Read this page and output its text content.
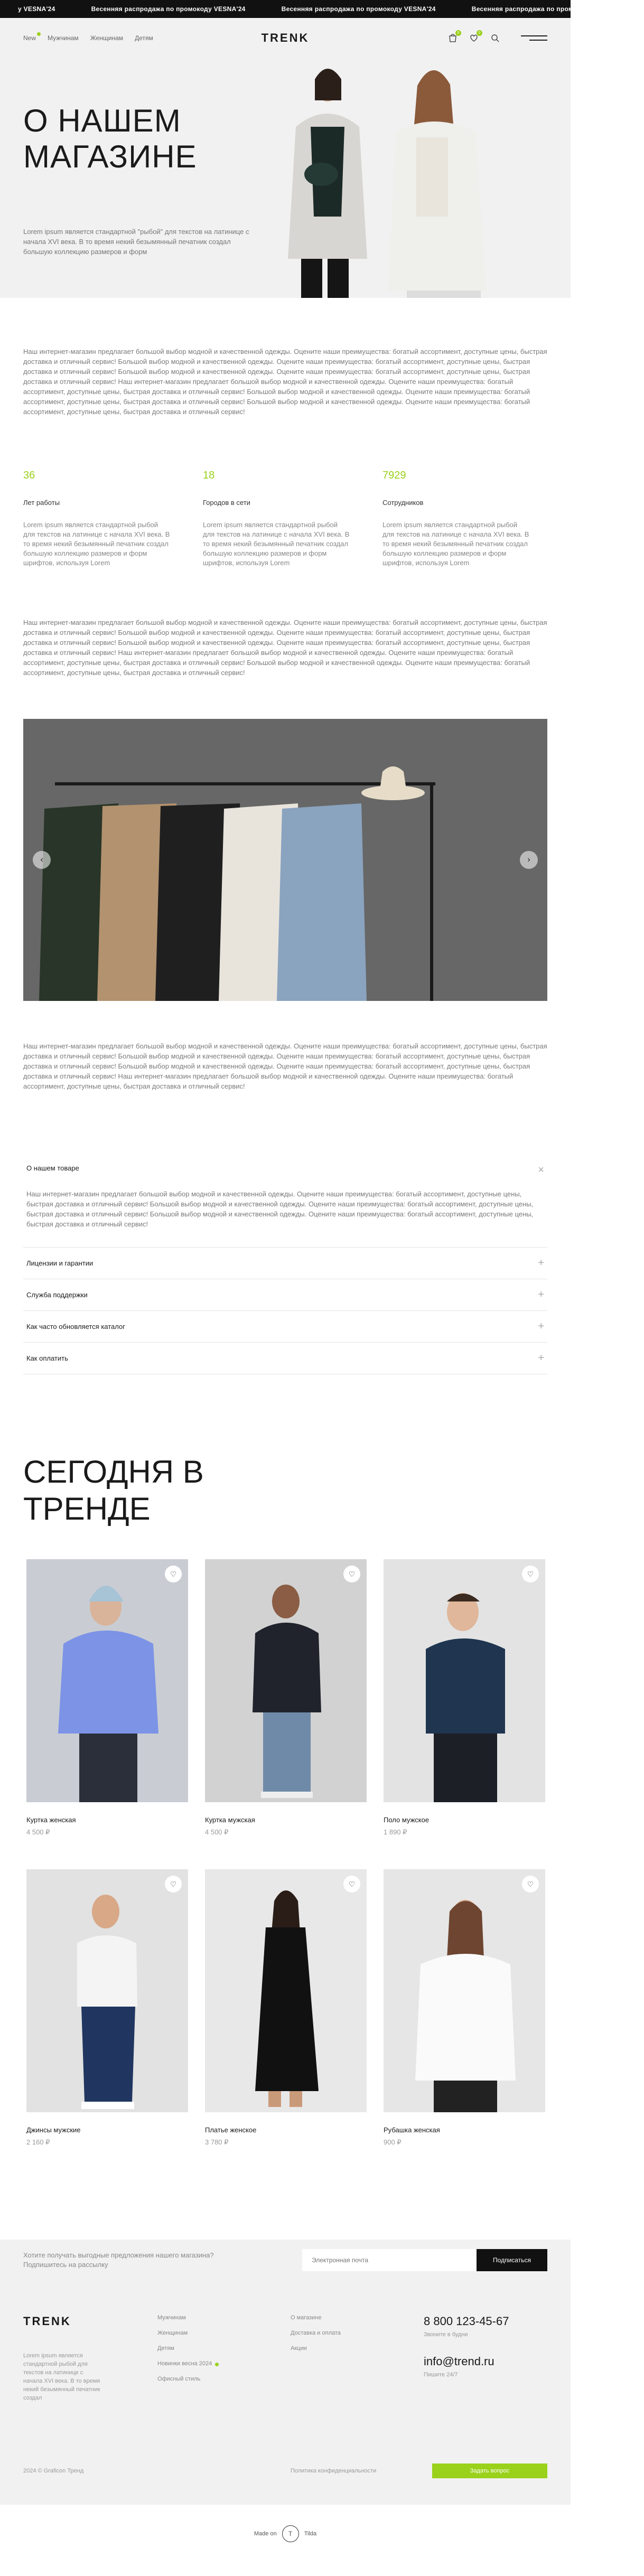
у VESNA'24	Весенняя распродажа по промокоду VESNA'24	Весенняя распродажа по промокоду VESNA'24	Весенняя распродажа по промокоду VESNA'24
New Мужчинам Женщинам Детям	TRENK	0	0
О НАШЕМ МАГАЗИНЕ

Lorem ipsum является стандартной "рыбой" для текстов на латинице с начала XVI века. В то время некий безымянный печатник создал большую коллекцию размеров и форм

Наш интернет-магазин предлагает большой выбор модной и качественной одежды. Оцените наши преимущества: богатый ассортимент, доступные цены, быстрая доставка и отличный сервис! Большой выбор модной и качественной одежды. Оцените наши преимущества: богатый ассортимент, доступные цены, быстрая доставка и отличный сервис! Большой выбор модной и качественной одежды. Оцените наши преимущества: богатый ассортимент, доступные цены, быстрая доставка и отличный сервис! Наш интернет-магазин предлагает большой выбор модной и качественной одежды. Оцените наши преимущества: богатый ассортимент, доступные цены, быстрая доставка и отличный сервис! Большой выбор модной и качественной одежды. Оцените наши преимущества: богатый ассортимент, доступные цены, быстрая доставка и отличный сервис! Большой выбор модной и качественной одежды. Оцените наши преимущества: богатый ассортимент, доступные цены, быстрая доставка и отличный сервис!

36
Лет работы
Lorem ipsum является стандартной рыбой для текстов на латинице с начала XVI века. В то время некий безымянный печатник создал большую коллекцию размеров и форм шрифтов, используя Lorem
18
Городов в сети
Lorem ipsum является стандартной рыбой для текстов на латинице с начала XVI века. В то время некий безымянный печатник создал большую коллекцию размеров и форм шрифтов, используя Lorem
7929
Сотрудников
Lorem ipsum является стандартной рыбой для текстов на латинице с начала XVI века. В то время некий безымянный печатник создал большую коллекцию размеров и форм шрифтов, используя Lorem

Наш интернет-магазин предлагает большой выбор модной и качественной одежды. Оцените наши преимущества: богатый ассортимент, доступные цены, быстрая доставка и отличный сервис! Большой выбор модной и качественной одежды. Оцените наши преимущества: богатый ассортимент, доступные цены, быстрая доставка и отличный сервис! Большой выбор модной и качественной одежды. Оцените наши преимущества: богатый ассортимент, доступные цены, быстрая доставка и отличный сервис! Наш интернет-магазин предлагает большой выбор модной и качественной одежды. Оцените наши преимущества: богатый ассортимент, доступные цены, быстрая доставка и отличный сервис! Большой выбор модной и качественной одежды. Оцените наши преимущества: богатый ассортимент, доступные цены, быстрая доставка и отличный сервис!

‹	›

Наш интернет-магазин предлагает большой выбор модной и качественной одежды. Оцените наши преимущества: богатый ассортимент, доступные цены, быстрая доставка и отличный сервис! Большой выбор модной и качественной одежды. Оцените наши преимущества: богатый ассортимент, доступные цены, быстрая доставка и отличный сервис! Большой выбор модной и качественной одежды. Оцените наши преимущества: богатый ассортимент, доступные цены, быстрая доставка и отличный сервис! Наш интернет-магазин предлагает большой выбор модной и качественной одежды. Оцените наши преимущества: богатый ассортимент, доступные цены, быстрая доставка и отличный сервис!

О нашем товаре	×

Наш интернет-магазин предлагает большой выбор модной и качественной одежды. Оцените наши преимущества: богатый ассортимент, доступные цены, быстрая доставка и отличный сервис! Большой выбор модной и качественной одежды. Оцените наши преимущества: богатый ассортимент, доступные цены, быстрая доставка и отличный сервис! Большой выбор модной и качественной одежды. Оцените наши преимущества: богатый ассортимент, доступные цены, быстрая доставка и отличный сервис!

Лицензии и гарантии	+
Служба поддержки	+
Как часто обновляется каталог	+
Как оплатить	+
СЕГОДНЯ В ТРЕНДЕ
♡
Куртка женская
4 500 ₽
♡
Куртка мужская
4 500 ₽
♡
Поло мужское
1 890 ₽
♡
Джинсы мужские
2 160 ₽
♡
Платье женское
3 780 ₽
♡
Рубашка женская
900 ₽

Хотите получать выгодные предложения нашего магазина? Подпишитесь на рассылку

Электронная почта
Подписаться
TRENK

Lorem ipsum является стандартной рыбой для текстов на латинице с начала XVI века. В то время некий безымянный печатник создал

Мужчинам
Женщинам
Детям
Новинки весна 2024
Офисный стиль
О магазине
Доставка и оплата
Акции
8 800 123-45-67
Звоните в будни
info@trend.ru
Пишите 24/7
2024 © Graficon Тренд	Политика конфиденциальности	Задать вопрос
Made on	T	Tilda
